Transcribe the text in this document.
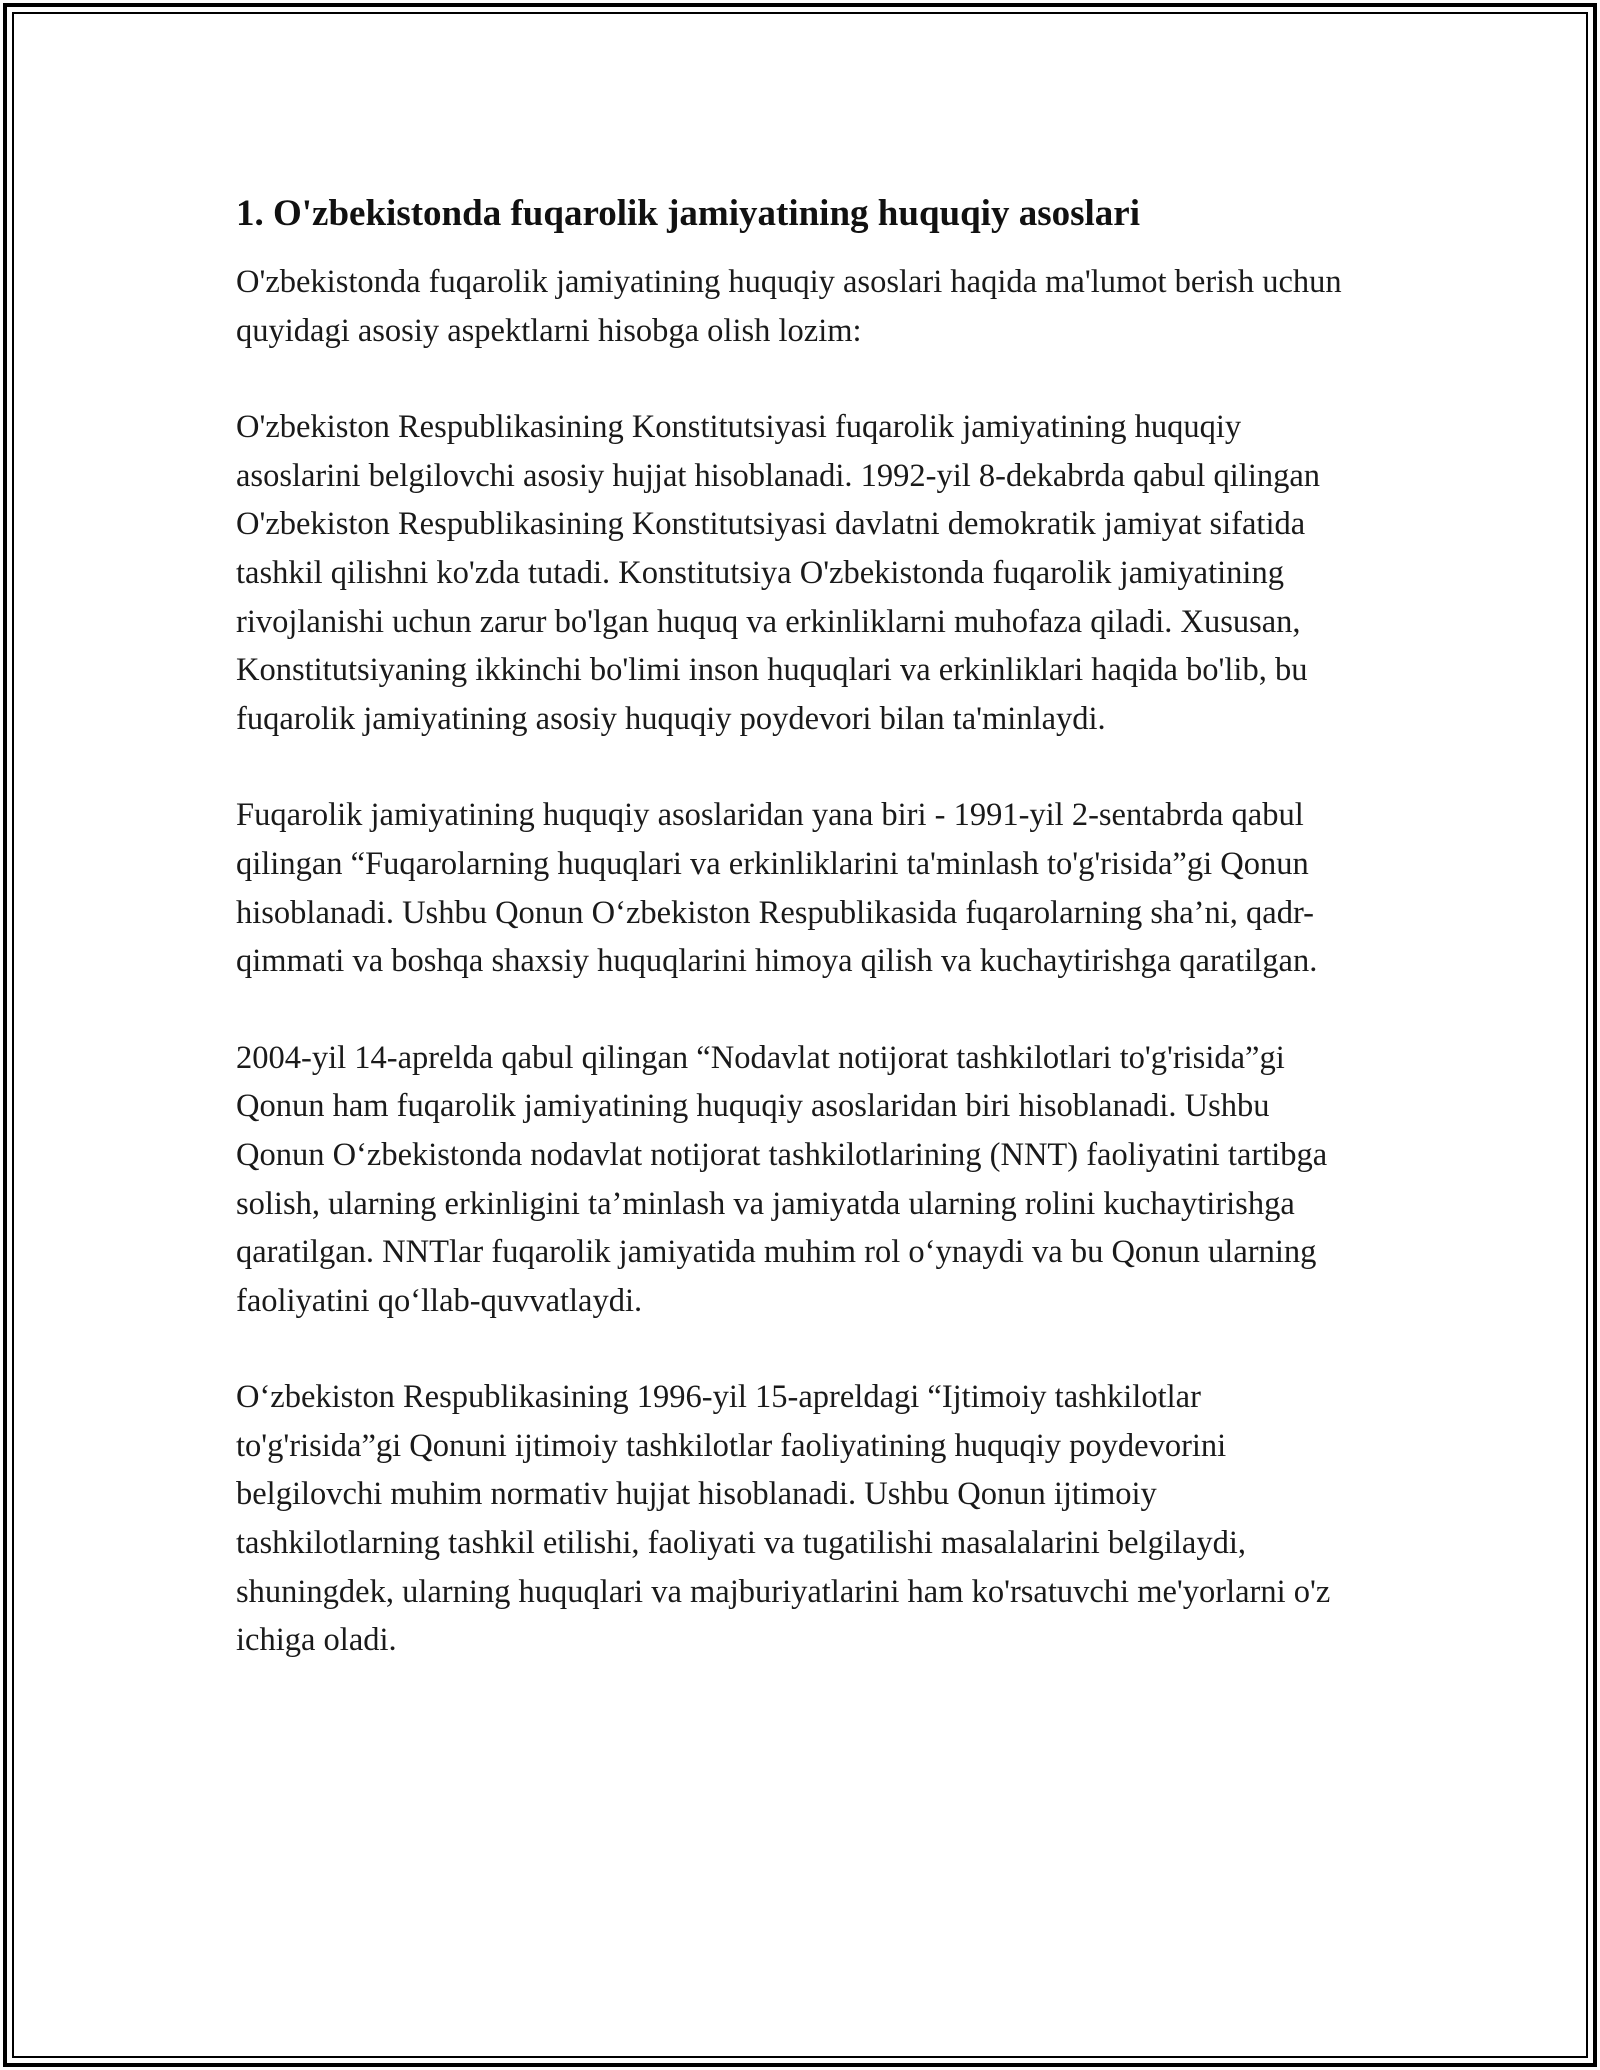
1. O'zbekistonda fuqarolik jamiyatining huquqiy asoslari

O'zbekistonda fuqarolik jamiyatining huquqiy asoslari haqida ma'lumot berish uchun quyidagi asosiy aspektlarni hisobga olish lozim:

O'zbekiston Respublikasining Konstitutsiyasi fuqarolik jamiyatining huquqiy asoslarini belgilovchi asosiy hujjat hisoblanadi. 1992-yil 8-dekabrda qabul qilingan O'zbekiston Respublikasining Konstitutsiyasi davlatni demokratik jamiyat sifatida tashkil qilishni ko'zda tutadi. Konstitutsiya O'zbekistonda fuqarolik jamiyatining rivojlanishi uchun zarur bo'lgan huquq va erkinliklarni muhofaza qiladi. Xususan, Konstitutsiyaning ikkinchi bo'limi inson huquqlari va erkinliklari haqida bo'lib, bu fuqarolik jamiyatining asosiy huquqiy poydevori bilan ta'minlaydi.

Fuqarolik jamiyatining huquqiy asoslaridan yana biri - 1991-yil 2-sentabrda qabul qilingan “Fuqarolarning huquqlari va erkinliklarini ta'minlash to'g'risida”gi Qonun hisoblanadi. Ushbu Qonun O‘zbekiston Respublikasida fuqarolarning sha’ni, qadr-qimmati va boshqa shaxsiy huquqlarini himoya qilish va kuchaytirishga qaratilgan.

2004-yil 14-aprelda qabul qilingan “Nodavlat notijorat tashkilotlari to'g'risida”gi Qonun ham fuqarolik jamiyatining huquqiy asoslaridan biri hisoblanadi. Ushbu Qonun O‘zbekistonda nodavlat notijorat tashkilotlarining (NNT) faoliyatini tartibga solish, ularning erkinligini ta’minlash va jamiyatda ularning rolini kuchaytirishga qaratilgan. NNTlar fuqarolik jamiyatida muhim rol o‘ynaydi va bu Qonun ularning faoliyatini qo‘llab-quvvatlaydi.

O‘zbekiston Respublikasining 1996-yil 15-apreldagi “Ijtimoiy tashkilotlar to'g'risida”gi Qonuni ijtimoiy tashkilotlar faoliyatining huquqiy poydevorini belgilovchi muhim normativ hujjat hisoblanadi. Ushbu Qonun ijtimoiy tashkilotlarning tashkil etilishi, faoliyati va tugatilishi masalalarini belgilaydi, shuningdek, ularning huquqlari va majburiyatlarini ham ko'rsatuvchi me'yorlarni o'z ichiga oladi.
